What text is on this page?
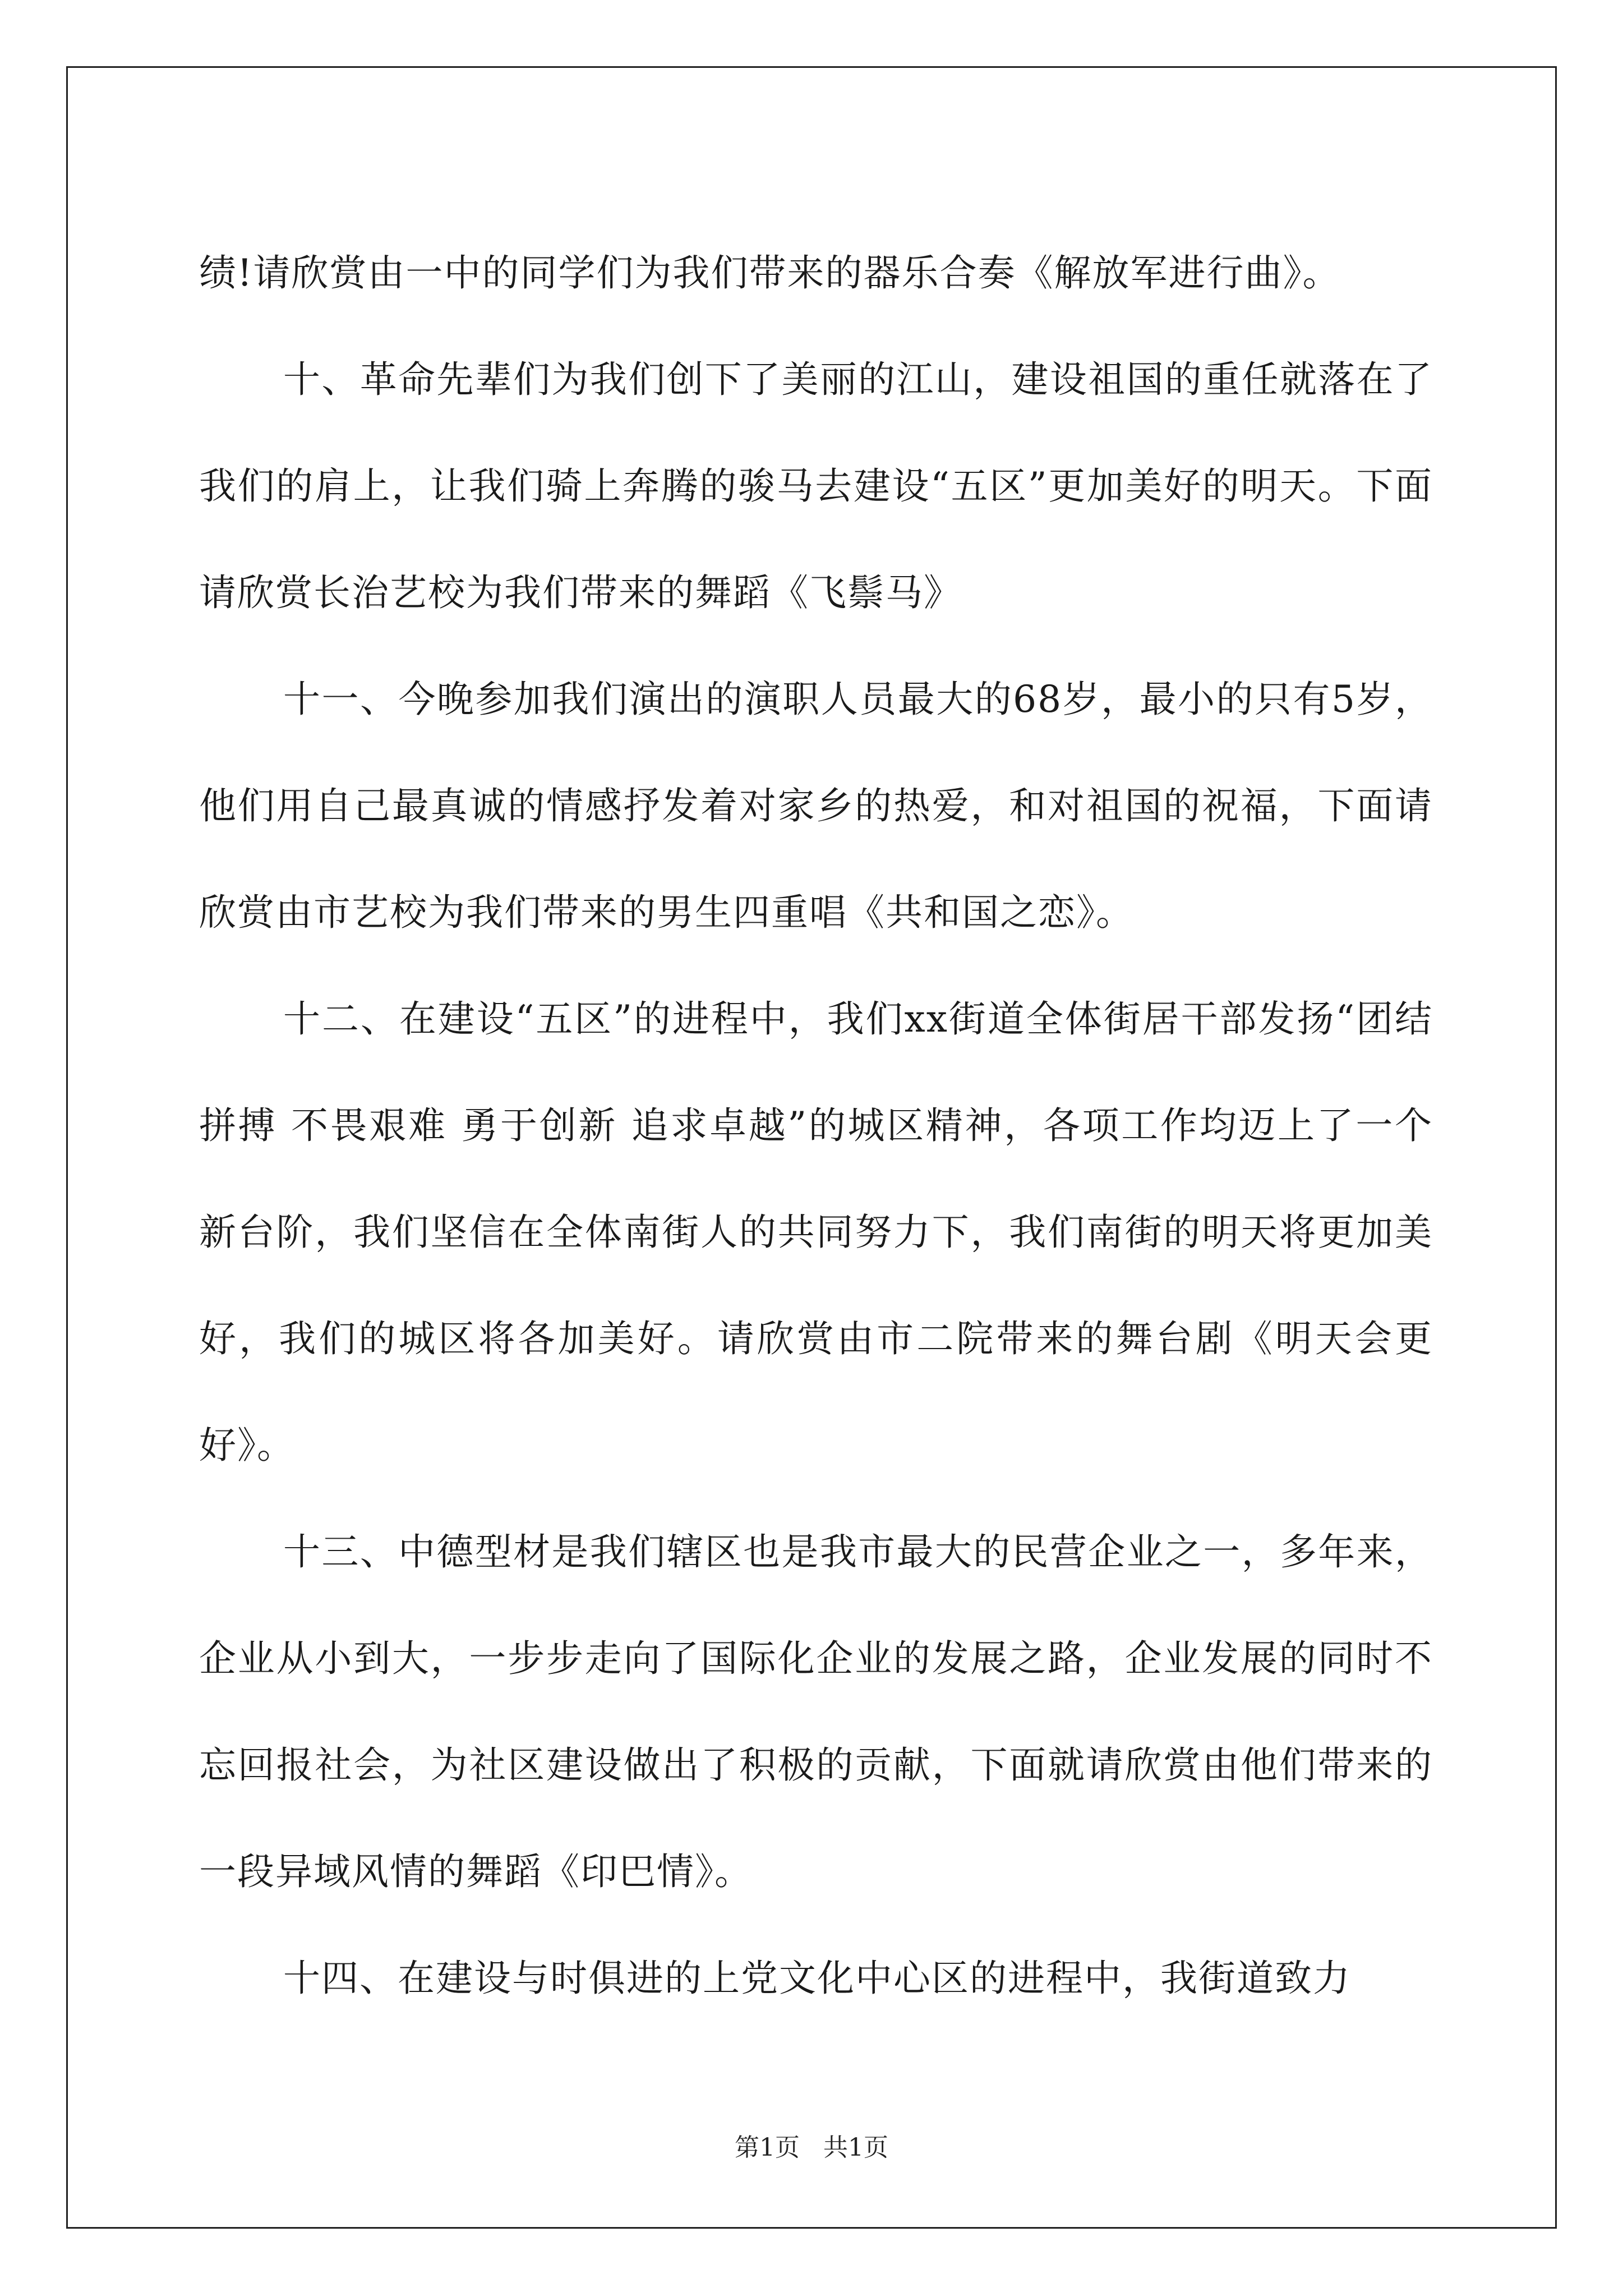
绩!请欣赏由一中的同学们为我们带来的器乐合奏《解放军进行曲》。

十、革命先辈们为我们创下了美丽的江山，建设祖国的重任就落在了我们的肩上，让我们骑上奔腾的骏马去建设“五区”更加美好的明天。下面请欣赏长治艺校为我们带来的舞蹈《飞鬃马》

十一、今晚参加我们演出的演职人员最大的68岁，最小的只有5岁，他们用自己最真诚的情感抒发着对家乡的热爱，和对祖国的祝福，下面请欣赏由市艺校为我们带来的男生四重唱《共和国之恋》。

十二、在建设“五区”的进程中，我们xx街道全体街居干部发扬“团结拼搏 不畏艰难 勇于创新 追求卓越”的城区精神，各项工作均迈上了一个新台阶，我们坚信在全体南街人的共同努力下，我们南街的明天将更加美好，我们的城区将各加美好。请欣赏由市二院带来的舞台剧《明天会更好》。

十三、中德型材是我们辖区也是我市最大的民营企业之一，多年来，企业从小到大，一步步走向了国际化企业的发展之路，企业发展的同时不忘回报社会，为社区建设做出了积极的贡献，下面就请欣赏由他们带来的一段异域风情的舞蹈《印巴情》。

十四、在建设与时俱进的上党文化中心区的进程中，我街道致力

第1页   共1页
